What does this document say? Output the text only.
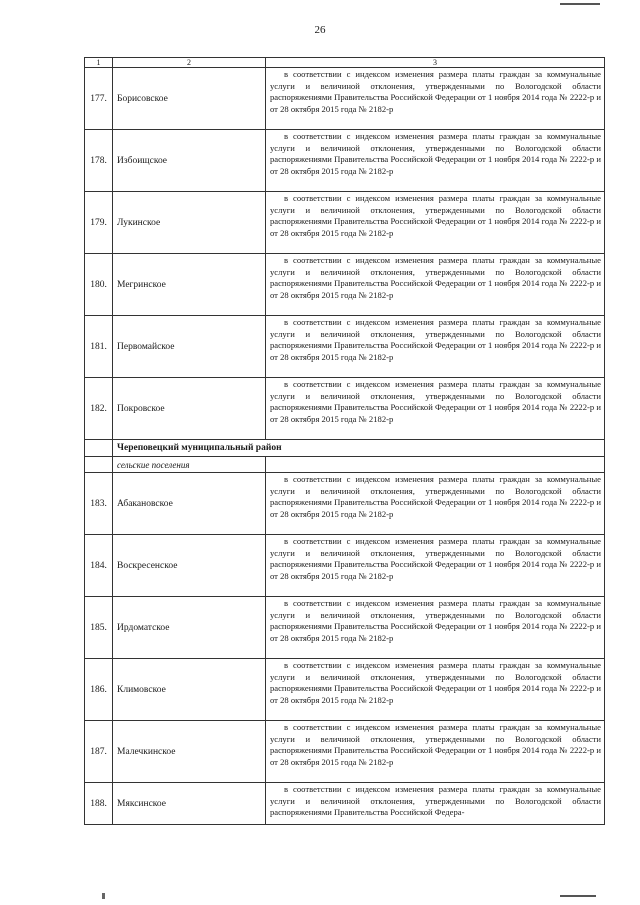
26
1	2	3
177.	Борисовское	в соответствии с индексом изменения размера платы граждан за коммунальные услуги и величиной отклонения, утвержденными по Вологодской области распоряжениями Правительства Российской Федерации от 1 ноября 2014 года № 2222-р и от 28 октября 2015 года № 2182-р
178.	Избоищское	в соответствии с индексом изменения размера платы граждан за коммунальные услуги и величиной отклонения, утвержденными по Вологодской области распоряжениями Правительства Российской Федерации от 1 ноября 2014 года № 2222-р и от 28 октября 2015 года № 2182-р
179.	Лукинское	в соответствии с индексом изменения размера платы граждан за коммунальные услуги и величиной отклонения, утвержденными по Вологодской области распоряжениями Правительства Российской Федерации от 1 ноября 2014 года № 2222-р и от 28 октября 2015 года № 2182-р
180.	Мегринское	в соответствии с индексом изменения размера платы граждан за коммунальные услуги и величиной отклонения, утвержденными по Вологодской области распоряжениями Правительства Российской Федерации от 1 ноября 2014 года № 2222-р и от 28 октября 2015 года № 2182-р
181.	Первомайское	в соответствии с индексом изменения размера платы граждан за коммунальные услуги и величиной отклонения, утвержденными по Вологодской области распоряжениями Правительства Российской Федерации от 1 ноября 2014 года № 2222-р и от 28 октября 2015 года № 2182-р
182.	Покровское	в соответствии с индексом изменения размера платы граждан за коммунальные услуги и величиной отклонения, утвержденными по Вологодской области распоряжениями Правительства Российской Федерации от 1 ноября 2014 года № 2222-р и от 28 октября 2015 года № 2182-р
	Череповецкий муниципальный район	
	сельские поселения	
183.	Абакановское	в соответствии с индексом изменения размера платы граждан за коммунальные услуги и величиной отклонения, утвержденными по Вологодской области распоряжениями Правительства Российской Федерации от 1 ноября 2014 года № 2222-р и от 28 октября 2015 года № 2182-р
184.	Воскресенское	в соответствии с индексом изменения размера платы граждан за коммунальные услуги и величиной отклонения, утвержденными по Вологодской области распоряжениями Правительства Российской Федерации от 1 ноября 2014 года № 2222-р и от 28 октября 2015 года № 2182-р
185.	Ирдоматское	в соответствии с индексом изменения размера платы граждан за коммунальные услуги и величиной отклонения, утвержденными по Вологодской области распоряжениями Правительства Российской Федерации от 1 ноября 2014 года № 2222-р и от 28 октября 2015 года № 2182-р
186.	Климовское	в соответствии с индексом изменения размера платы граждан за коммунальные услуги и величиной отклонения, утвержденными по Вологодской области распоряжениями Правительства Российской Федерации от 1 ноября 2014 года № 2222-р и от 28 октября 2015 года № 2182-р
187.	Малечкинское	в соответствии с индексом изменения размера платы граждан за коммунальные услуги и величиной отклонения, утвержденными по Вологодской области распоряжениями Правительства Российской Федерации от 1 ноября 2014 года № 2222-р и от 28 октября 2015 года № 2182-р
188.	Мяксинское	в соответствии с индексом изменения размера платы граждан за коммунальные услуги и величиной отклонения, утвержденными по Вологодской области распоряжениями Правительства Российской Федера-
